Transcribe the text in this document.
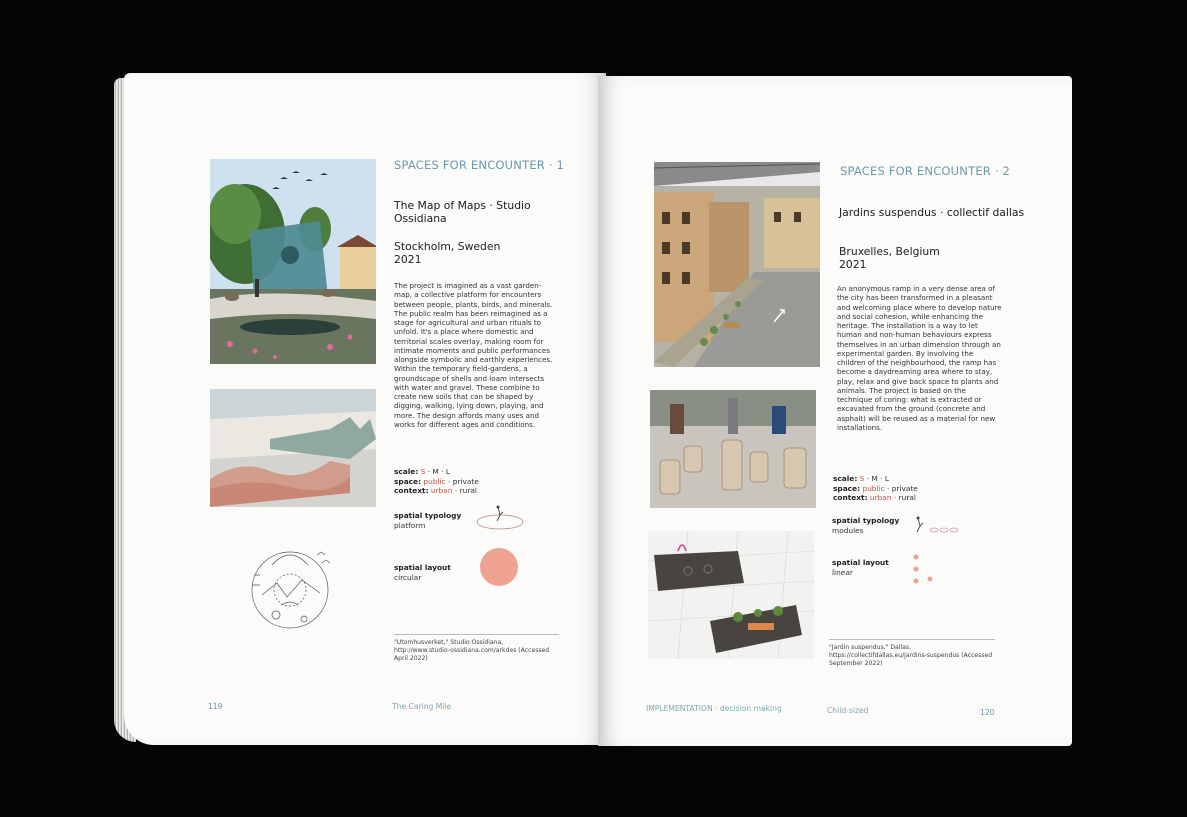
SPACES FOR ENCOUNTER · 1
The Map of Maps · Studio Ossidiana
Stockholm, Sweden
2021
The project is imagined as a vast garden-map, a collective platform for encounters between people, plants, birds, and minerals. The public realm has been reimagined as a stage for agricultural and urban rituals to unfold. It's a place where domestic and territorial scales overlay, making room for intimate moments and public performances alongside symbolic and earthly experiences. Within the temporary field-gardens, a groundscape of shells and loam intersects with water and gravel. These combine to create new soils that can be shaped by digging, walking, lying down, playing, and more. The design affords many uses and works for different ages and conditions.
scale: S · M · L
space: public · private
context: urban · rural
spatial typology
platform
spatial layout
circular
"Utomhusverket," Studio Ossidiana, http://www.studio-ossidiana.com/arkdes (Accessed April 2022)
119	The Caring Mile
SPACES FOR ENCOUNTER · 2
Jardins suspendus · collectif dallas
Bruxelles, Belgium
2021
An anonymous ramp in a very dense area of the city has been transformed in a pleasant and welcoming place where to develop nature and social cohesion, while enhancing the heritage. The installation is a way to let human and non-human behaviours express themselves in an urban dimension through an experimental garden. By involving the children of the neighbourhood, the ramp has become a daydreaming area where to stay, play, relax and give back space to plants and animals. The project is based on the technique of coring: what is extracted or excavated from the ground (concrete and asphalt) will be reused as a material for new installations.
scale: S · M · L
space: public · private
context: urban · rural
spatial typology
modules
spatial layout
linear
"Jardin suspendus," Dallas, https://collectifdallas.eu/jardins-suspendus (Accessed September 2022)
IMPLEMENTATION · decision making	Child-sized	120
